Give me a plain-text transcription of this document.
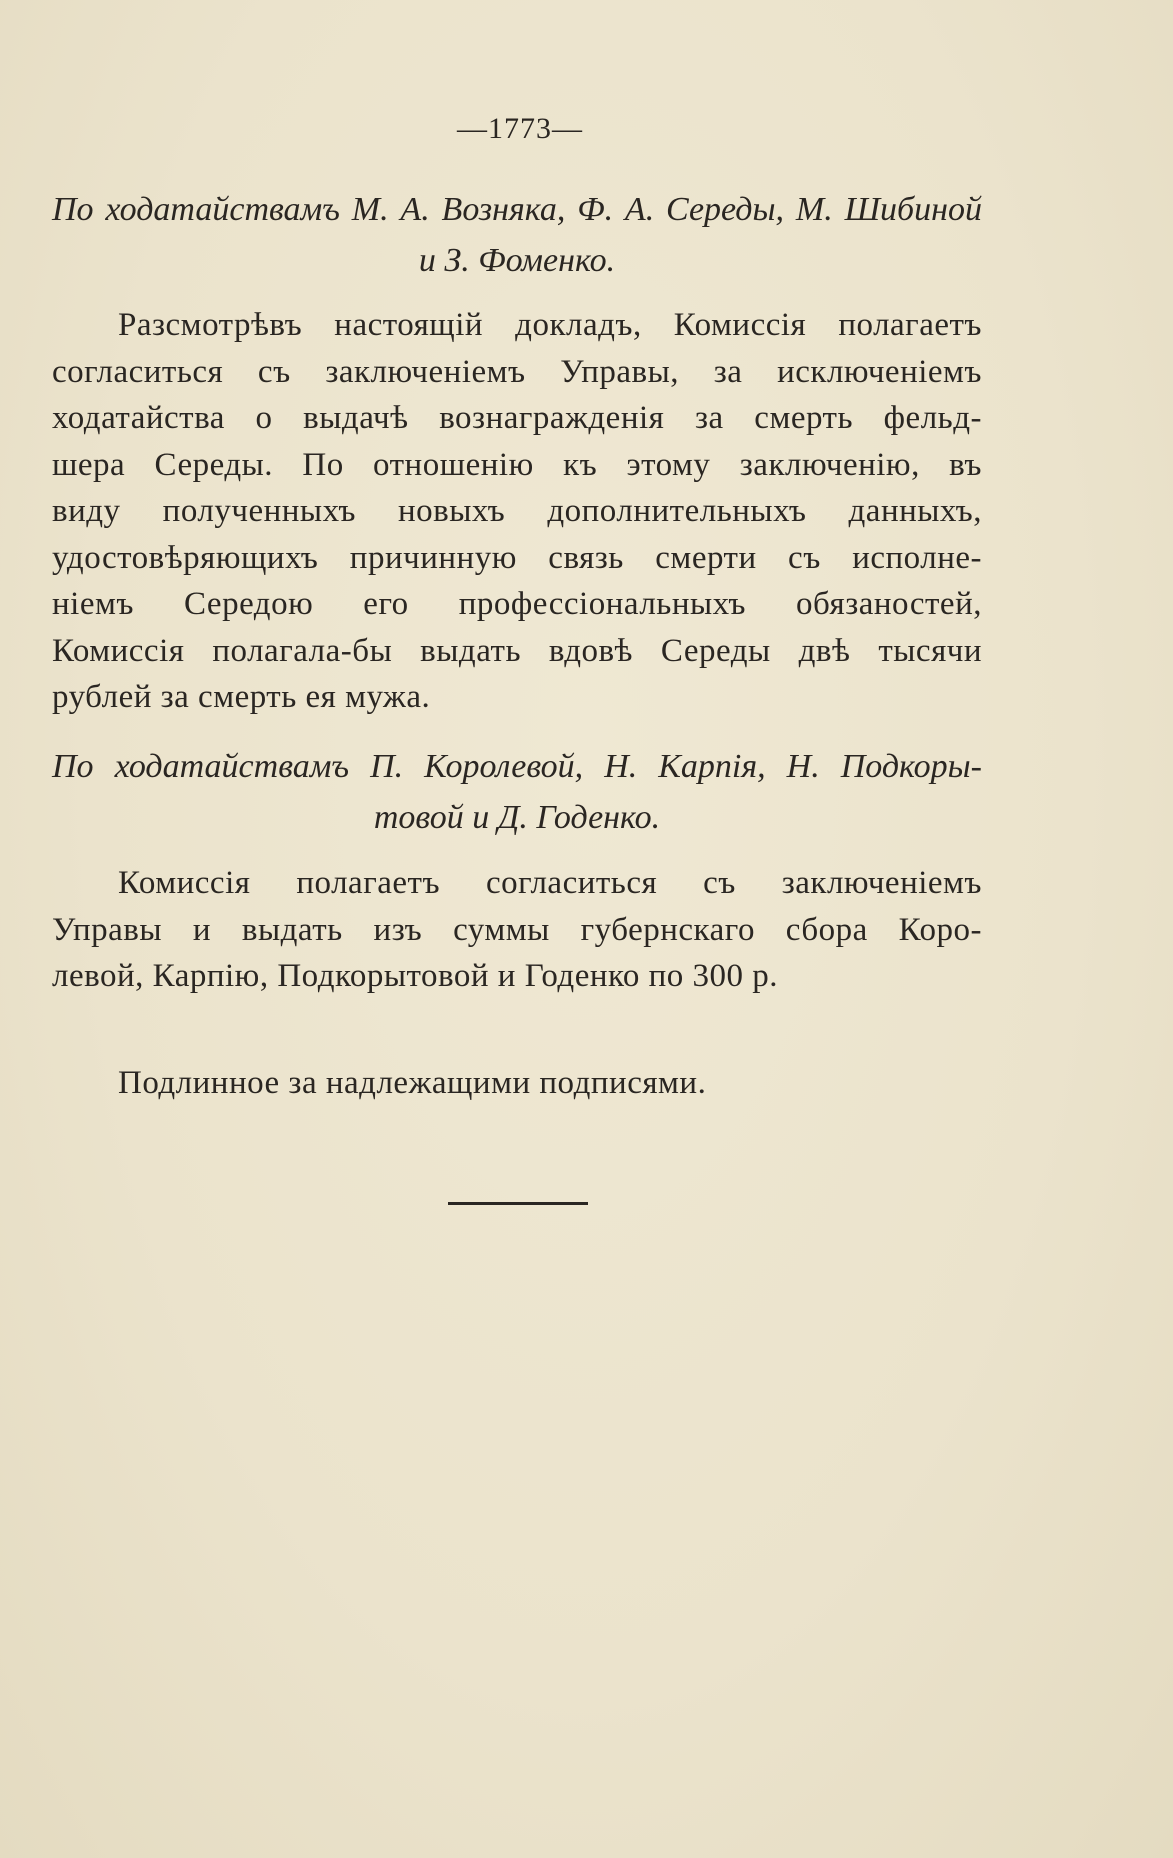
—1773—
По ходатайствамъ М. А. Возняка, Ф. А. Середы, М. Шибиной
и З. Фоменко.
Разсмотрѣвъ настоящій докладъ, Комиссія полагаетъ
согласиться съ заключеніемъ Управы, за исключеніемъ
ходатайства о выдачѣ вознагражденія за смерть фельд-
шера Середы. По отношенію къ этому заключенію, въ
виду полученныхъ новыхъ дополнительныхъ данныхъ,
удостовѣряющихъ причинную связь смерти съ исполне-
ніемъ Середою его профессіональныхъ обязаностей,
Комиссія полагала-бы выдать вдовѣ Середы двѣ тысячи
рублей за смерть ея мужа.
По ходатайствамъ П. Королевой, Н. Карпія, Н. Подкоры-
товой и Д. Годенко.
Комиссія полагаетъ согласиться съ заключеніемъ
Управы и выдать изъ суммы губернскаго сбора Коро-
левой, Карпію, Подкорытовой и Годенко по 300 р.
Подлинное за надлежащими подписями.
